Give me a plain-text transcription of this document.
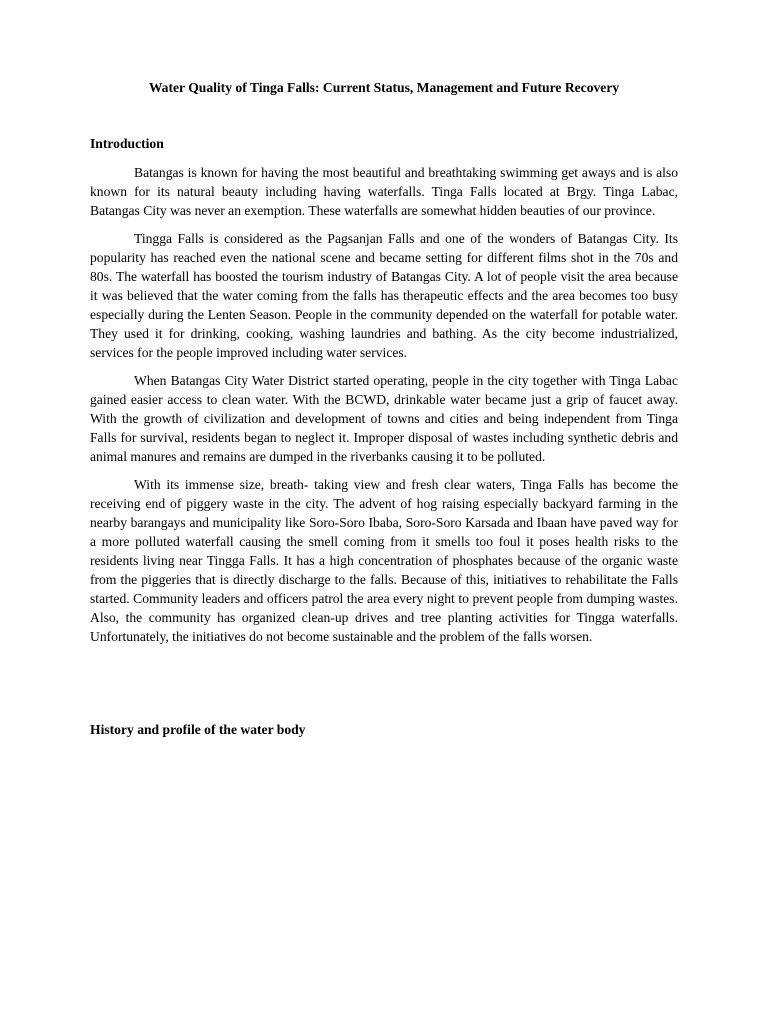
Water Quality of Tinga Falls: Current Status, Management and Future Recovery
Introduction

Batangas is known for having the most beautiful and breathtaking swimming get aways and is also known for its natural beauty including having waterfalls. Tinga Falls located at Brgy. Tinga Labac, Batangas City was never an exemption. These waterfalls are somewhat hidden beauties of our province.

Tingga Falls is considered as the Pagsanjan Falls and one of the wonders of Batangas City. Its popularity has reached even the national scene and became setting for different films shot in the 70s and 80s. The waterfall has boosted the tourism industry of Batangas City. A lot of people visit the area because it was believed that the water coming from the falls has therapeutic effects and the area becomes too busy especially during the Lenten Season. People in the community depended on the waterfall for potable water. They used it for drinking, cooking, washing laundries and bathing. As the city become industrialized, services for the people improved including water services.

When Batangas City Water District started operating, people in the city together with Tinga Labac gained easier access to clean water. With the BCWD, drinkable water became just a grip of faucet away. With the growth of civilization and development of towns and cities and being independent from Tinga Falls for survival, residents began to neglect it. Improper disposal of wastes including synthetic debris and animal manures and remains are dumped in the riverbanks causing it to be polluted.

With its immense size, breath- taking view and fresh clear waters, Tinga Falls has become the receiving end of piggery waste in the city. The advent of hog raising especially backyard farming in the nearby barangays and municipality like Soro-Soro Ibaba, Soro-Soro Karsada and Ibaan have paved way for a more polluted waterfall causing the smell coming from it smells too foul it poses health risks to the residents living near Tingga Falls. It has a high concentration of phosphates because of the organic waste from the piggeries that is directly discharge to the falls. Because of this, initiatives to rehabilitate the Falls started. Community leaders and officers patrol the area every night to prevent people from dumping wastes. Also, the community has organized clean-up drives and tree planting activities for Tingga waterfalls. Unfortunately, the initiatives do not become sustainable and the problem of the falls worsen.

History and profile of the water body
